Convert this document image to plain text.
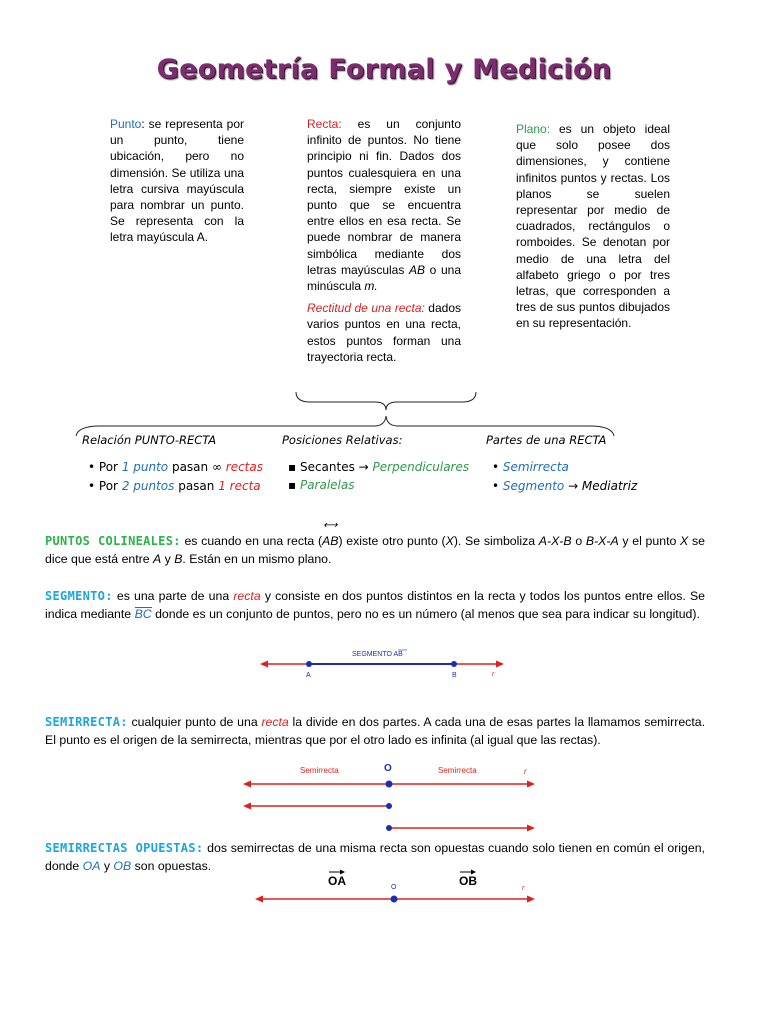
Geometría Formal y Medición
Punto: se representa por un punto, tiene ubicación, pero no dimensión. Se utiliza una letra cursiva mayúscula para nombrar un punto. Se representa con la letra mayúscula A.
Recta: es un conjunto infinito de puntos. No tiene principio ni fin. Dados dos puntos cualesquiera en una recta, siempre existe un punto que se encuentra entre ellos en esa recta. Se puede nombrar de manera simbólica mediante dos letras mayúsculas AB o una minúscula m.
Rectitud de una recta: dados varios puntos en una recta, estos puntos forman una trayectoria recta.
Plano: es un objeto ideal que solo posee dos dimensiones, y contiene infinitos puntos y rectas. Los planos se suelen representar por medio de cuadrados, rectángulos o romboides. Se denotan por medio de una letra del alfabeto griego o por tres letras, que corresponden a tres de sus puntos dibujados en su representación.
Relación PUNTO-RECTA	Posiciones Relativas:	Partes de una RECTA
• Por 1 punto pasan ∞ rectas
• Por 2 puntos pasan 1 recta
▪ Secantes → Perpendiculares
▪ Paralelas
• Semirrecta
• Segmento → Mediatriz
PUNTOS COLINEALES: es cuando en una recta (⟷ AB) existe otro punto (X). Se simboliza A-X-B o B-X-A y el punto X se dice que está entre A y B. Están en un mismo plano.
SEGMENTO: es una parte de una recta y consiste en dos puntos distintos en la recta y todos los puntos entre ellos. Se indica mediante BC donde es un conjunto de puntos, pero no es un número (al menos que sea para indicar su longitud).
SEGMENTO AB
A	B	r
SEMIRRECTA: cualquier punto de una recta la divide en dos partes. A cada una de esas partes la llamamos semirrecta. El punto es el origen de la semirrecta, mientras que por el otro lado es infinita (al igual que las rectas).
Semirrecta	Semirrecta
O	r
SEMIRRECTAS OPUESTAS: dos semirrectas de una misma recta son opuestas cuando solo tienen en común el origen, donde OA y OB son opuestas.
OA	OB
O	r
